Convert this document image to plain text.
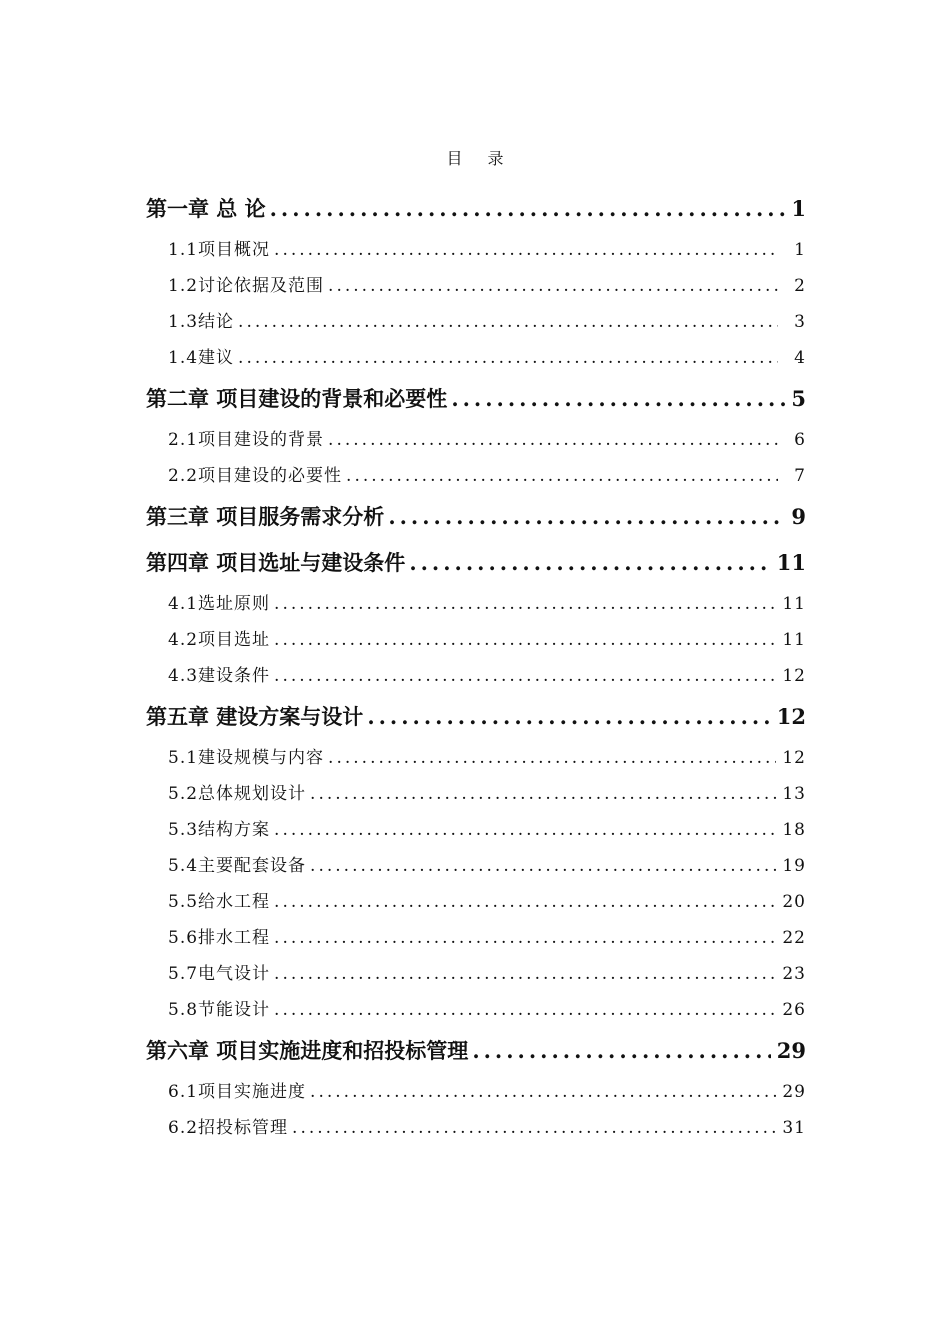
目 录
第一章 总 论 .....	1
1.1项目概况 .....	1
1.2讨论依据及范围 .....	2
1.3结论 .....	3
1.4建议 .....	4
第二章 项目建设的背景和必要性 .....	5
2.1项目建设的背景 .....	6
2.2项目建设的必要性 .....	7
第三章 项目服务需求分析 .....	9
第四章 项目选址与建设条件 .....	11
4.1选址原则 .....	11
4.2项目选址 .....	11
4.3建设条件 .....	12
第五章 建设方案与设计 .....	12
5.1建设规模与内容 .....	12
5.2总体规划设计 .....	13
5.3结构方案 .....	18
5.4主要配套设备 .....	19
5.5给水工程 .....	20
5.6排水工程 .....	22
5.7电气设计 .....	23
5.8节能设计 .....	26
第六章 项目实施进度和招投标管理 .....	29
6.1项目实施进度 .....	29
6.2招投标管理 .....	31
